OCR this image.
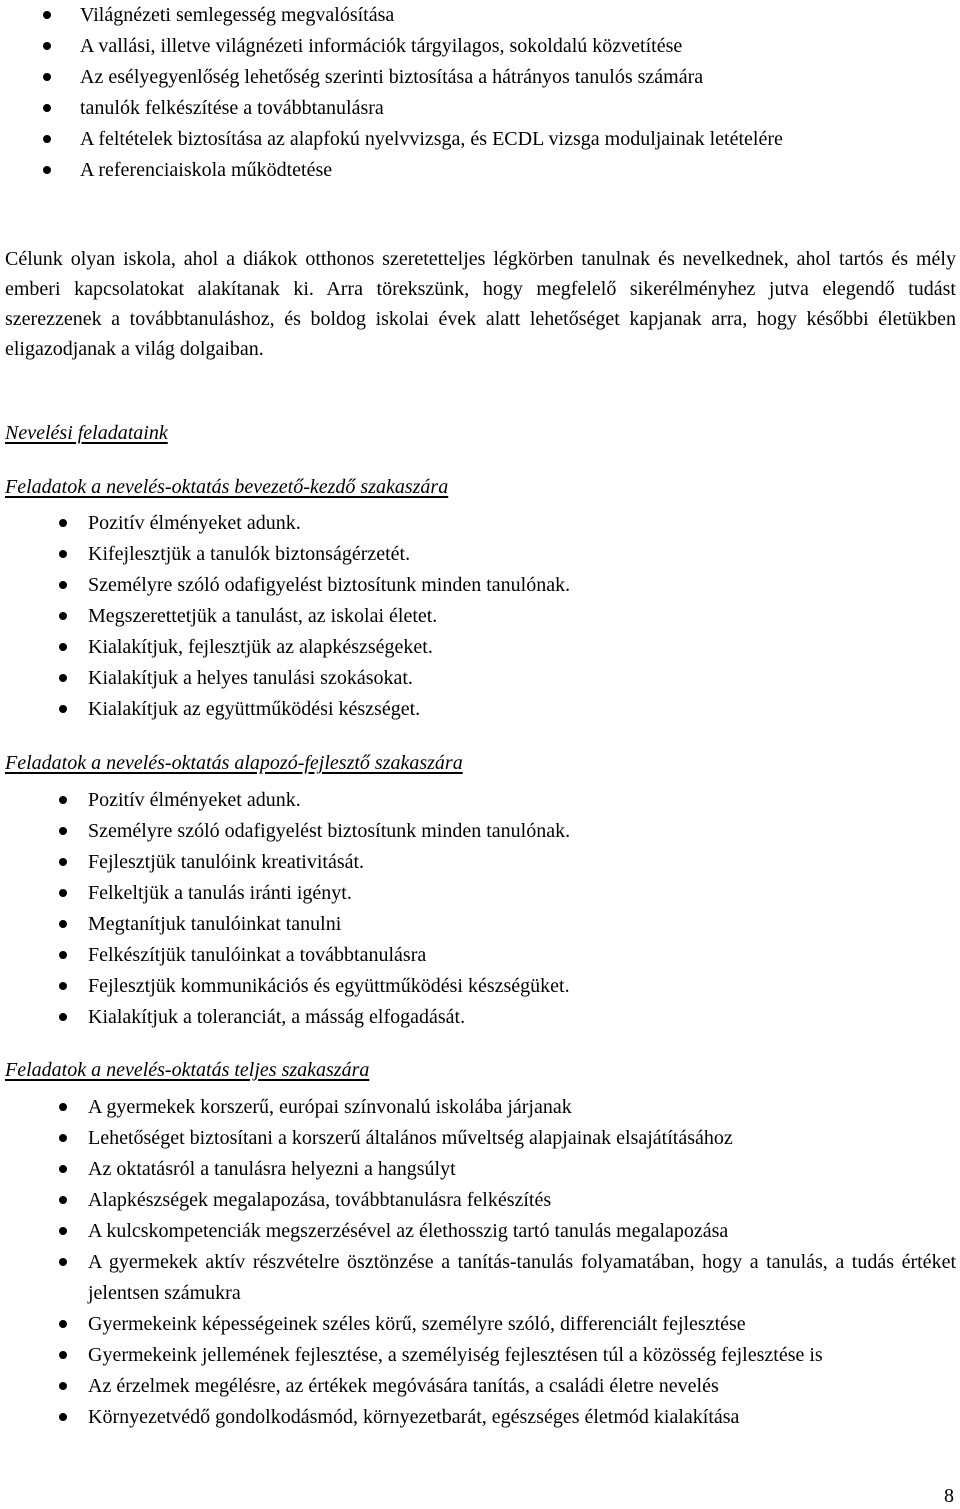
Világnézeti semlegesség megvalósítása
A vallási, illetve világnézeti információk tárgyilagos, sokoldalú közvetítése
Az esélyegyenlőség lehetőség szerinti biztosítása a hátrányos tanulós számára
tanulók felkészítése a továbbtanulásra
A feltételek biztosítása az alapfokú nyelvvizsga, és ECDL vizsga moduljainak letételére
A referenciaiskola működtetése

Célunk olyan iskola, ahol a diákok otthonos szeretetteljes légkörben tanulnak és nevelkednek, ahol tartós és mély emberi kapcsolatokat alakítanak ki. Arra törekszünk, hogy megfelelő sikerélményhez jutva elegendő tudást szerezzenek a továbbtanuláshoz, és boldog iskolai évek alatt lehetőséget kapjanak arra, hogy későbbi életükben eligazodjanak a világ dolgaiban.

Nevelési feladataink

Feladatok a nevelés-oktatás bevezető-kezdő szakaszára

Pozitív élményeket adunk.
Kifejlesztjük a tanulók biztonságérzetét.
Személyre szóló odafigyelést biztosítunk minden tanulónak.
Megszerettetjük a tanulást, az iskolai életet.
Kialakítjuk, fejlesztjük az alapkészségeket.
Kialakítjuk a helyes tanulási szokásokat.
Kialakítjuk az együttműködési készséget.

Feladatok a nevelés-oktatás alapozó-fejlesztő szakaszára

Pozitív élményeket adunk.
Személyre szóló odafigyelést biztosítunk minden tanulónak.
Fejlesztjük tanulóink kreativitását.
Felkeltjük a tanulás iránti igényt.
Megtanítjuk tanulóinkat tanulni
Felkészítjük tanulóinkat a továbbtanulásra
Fejlesztjük kommunikációs és együttműködési készségüket.
Kialakítjuk a toleranciát, a másság elfogadását.

Feladatok a nevelés-oktatás teljes szakaszára

A gyermekek korszerű, európai színvonalú iskolába járjanak
Lehetőséget biztosítani a korszerű általános műveltség alapjainak elsajátításához
Az oktatásról a tanulásra helyezni a hangsúlyt
Alapkészségek megalapozása, továbbtanulásra felkészítés
A kulcskompetenciák megszerzésével az élethosszig tartó tanulás megalapozása
A gyermekek aktív részvételre ösztönzése a tanítás-tanulás folyamatában, hogy a tanulás, a tudás értéket jelentsen számukra
Gyermekeink képességeinek széles körű, személyre szóló, differenciált fejlesztése
Gyermekeink jellemének fejlesztése, a személyiség fejlesztésen túl a közösség fejlesztése is
Az érzelmek megélésre, az értékek megóvására tanítás, a családi életre nevelés
Környezetvédő gondolkodásmód, környezetbarát, egészséges életmód kialakítása
8
